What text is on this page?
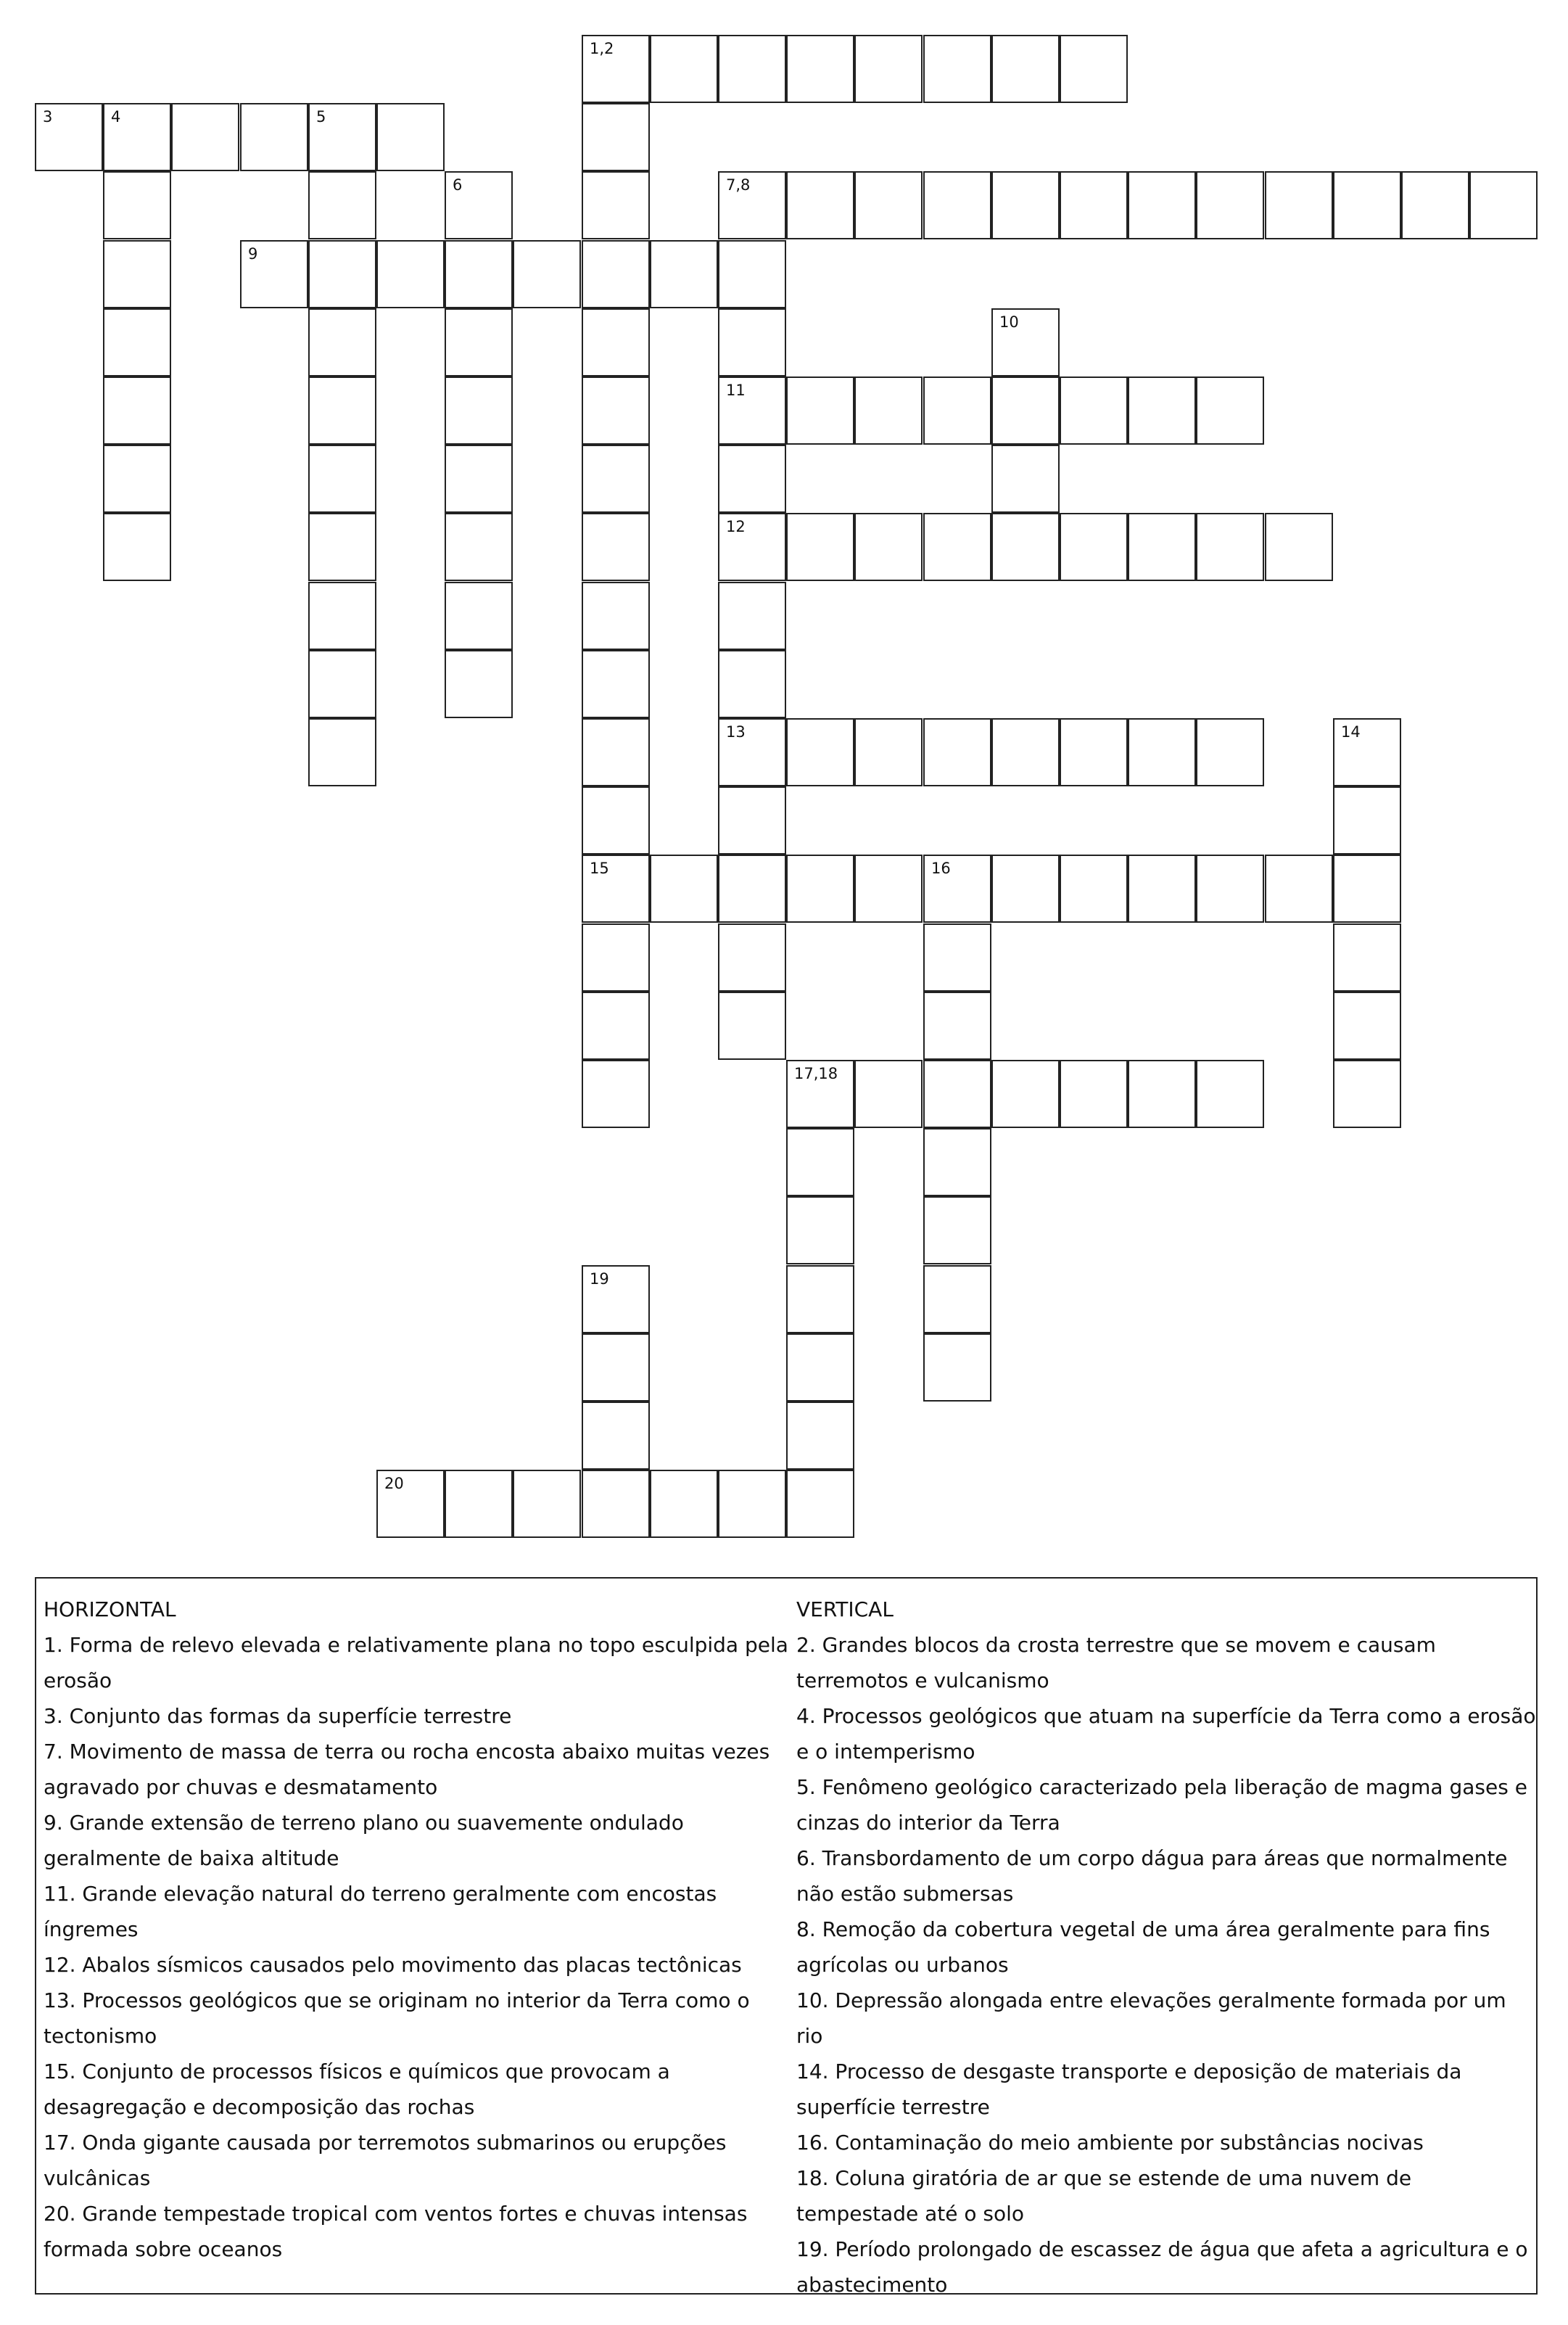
1,2
15
3	4	5
6	7,8
11
12
13
9
10
14
16
17,18
19
20
HORIZONTAL
1. Forma de relevo elevada e relativamente plana no topo esculpida pela erosão
3. Conjunto das formas da superfície terrestre
7. Movimento de massa de terra ou rocha encosta abaixo muitas vezes agravado por chuvas e desmatamento
9. Grande extensão de terreno plano ou suavemente ondulado geralmente de baixa altitude
11. Grande elevação natural do terreno geralmente com encostas íngremes
12. Abalos sísmicos causados pelo movimento das placas tectônicas
13. Processos geológicos que se originam no interior da Terra como o tectonismo
15. Conjunto de processos físicos e químicos que provocam a desagregação e decomposição das rochas
17. Onda gigante causada por terremotos submarinos ou erupções vulcânicas
20. Grande tempestade tropical com ventos fortes e chuvas intensas formada sobre oceanos
VERTICAL
2. Grandes blocos da crosta terrestre que se movem e causam terremotos e vulcanismo
4. Processos geológicos que atuam na superfície da Terra como a erosão e o intemperismo
5. Fenômeno geológico caracterizado pela liberação de magma gases e cinzas do interior da Terra
6. Transbordamento de um corpo dágua para áreas que normalmente não estão submersas
8. Remoção da cobertura vegetal de uma área geralmente para fins agrícolas ou urbanos
10. Depressão alongada entre elevações geralmente formada por um rio
14. Processo de desgaste transporte e deposição de materiais da superfície terrestre
16. Contaminação do meio ambiente por substâncias nocivas
18. Coluna giratória de ar que se estende de uma nuvem de tempestade até o solo
19. Período prolongado de escassez de água que afeta a agricultura e o abastecimento
